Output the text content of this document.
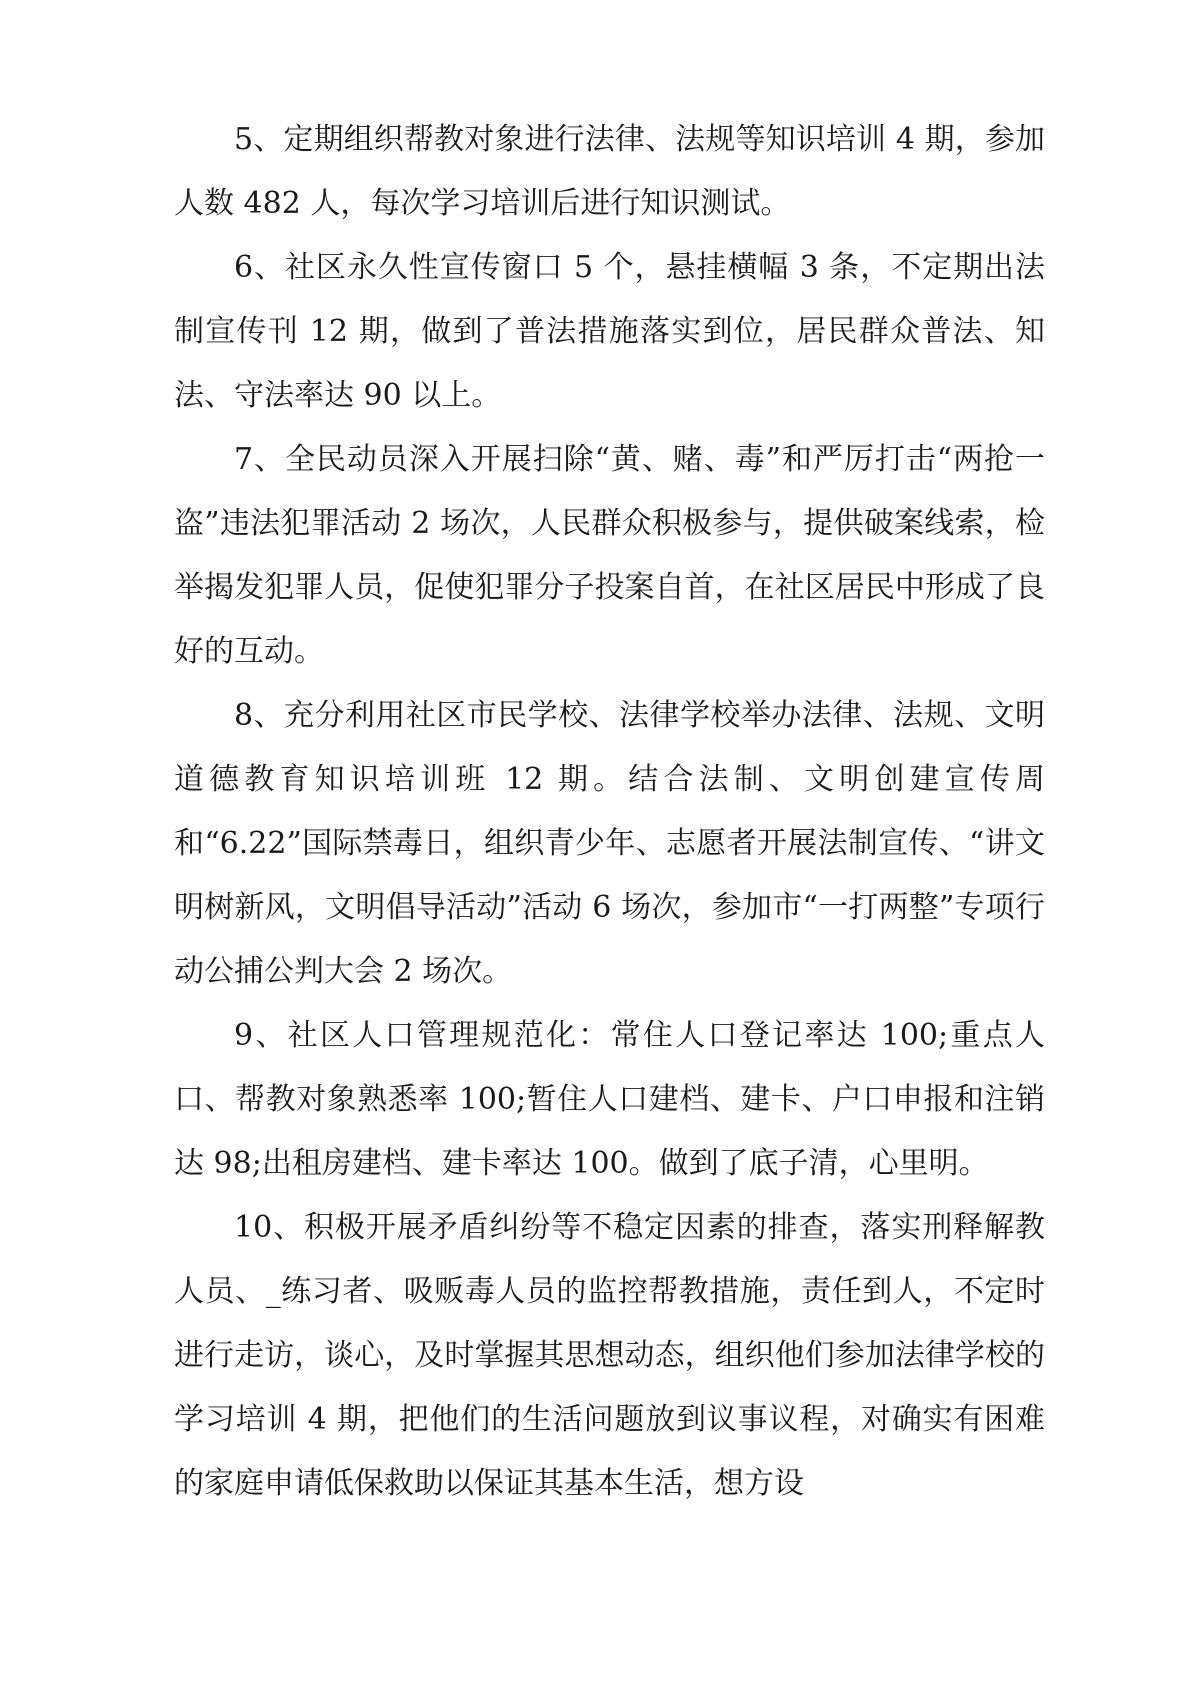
5、定期组织帮教对象进行法律、法规等知识培训 4 期，参加人数 482 人，每次学习培训后进行知识测试。

6、社区永久性宣传窗口 5 个，悬挂横幅 3 条，不定期出法制宣传刊 12 期，做到了普法措施落实到位，居民群众普法、知法、守法率达 90 以上。

7、全民动员深入开展扫除“黄、赌、毒”和严厉打击“两抢一盗”违法犯罪活动 2 场次，人民群众积极参与，提供破案线索，检举揭发犯罪人员，促使犯罪分子投案自首，在社区居民中形成了良好的互动。

8、充分利用社区市民学校、法律学校举办法律、法规、文明道德教育知识培训班 12 期。结合法制、文明创建宣传周和“6.22”国际禁毒日，组织青少年、志愿者开展法制宣传、“讲文明树新风，文明倡导活动”活动 6 场次，参加市“一打两整”专项行动公捕公判大会 2 场次。

9、社区人口管理规范化：常住人口登记率达 100;重点人口、帮教对象熟悉率 100;暂住人口建档、建卡、户口申报和注销达 98;出租房建档、建卡率达 100。做到了底子清，心里明。

10、积极开展矛盾纠纷等不稳定因素的排查，落实刑释解教人员、_练习者、吸贩毒人员的监控帮教措施，责任到人，不定时进行走访，谈心，及时掌握其思想动态，组织他们参加法律学校的学习培训 4 期，把他们的生活问题放到议事议程，对确实有困难的家庭申请低保救助以保证其基本生活，想方设
